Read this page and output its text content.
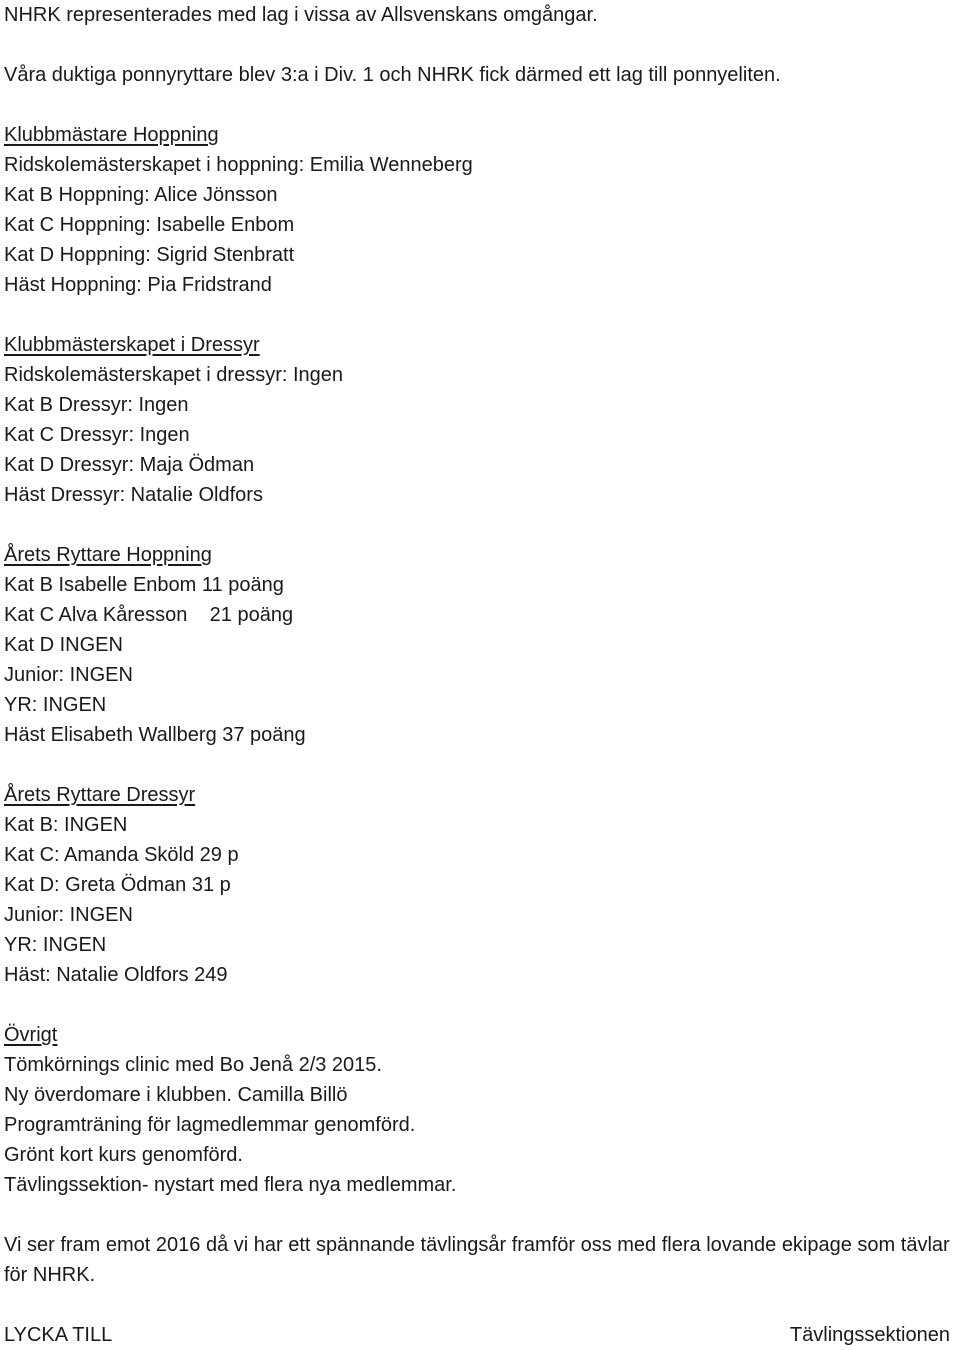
NHRK representerades med lag i vissa av Allsvenskans omgångar.

Våra duktiga ponnyryttare blev 3:a i Div. 1 och NHRK fick därmed ett lag till ponnyeliten.

Klubbmästare Hoppning

Ridskolemästerskapet i hoppning: Emilia Wenneberg

Kat B Hoppning: Alice Jönsson

Kat C Hoppning: Isabelle Enbom

Kat D Hoppning: Sigrid Stenbratt

Häst Hoppning: Pia Fridstrand

Klubbmästerskapet i Dressyr

Ridskolemästerskapet i dressyr: Ingen

Kat B Dressyr: Ingen

Kat C Dressyr: Ingen

Kat D Dressyr: Maja Ödman

Häst Dressyr: Natalie Oldfors

Årets Ryttare Hoppning

Kat B Isabelle Enbom 11 poäng

Kat C Alva Kåresson    21 poäng

Kat D INGEN

Junior: INGEN

YR: INGEN

Häst Elisabeth Wallberg 37 poäng

Årets Ryttare Dressyr

Kat B: INGEN

Kat C: Amanda Sköld 29 p

Kat D: Greta Ödman 31 p

Junior: INGEN

YR: INGEN

Häst: Natalie Oldfors 249

Övrigt

Tömkörnings clinic med Bo Jenå 2/3 2015.

Ny överdomare i klubben. Camilla Billö

Programträning för lagmedlemmar genomförd.

Grönt kort kurs genomförd.

Tävlingssektion- nystart med flera nya medlemmar.

Vi ser fram emot 2016 då vi har ett spännande tävlingsår framför oss med flera lovande ekipage som tävlar för NHRK.

LYCKA TILL	Tävlingssektionen
